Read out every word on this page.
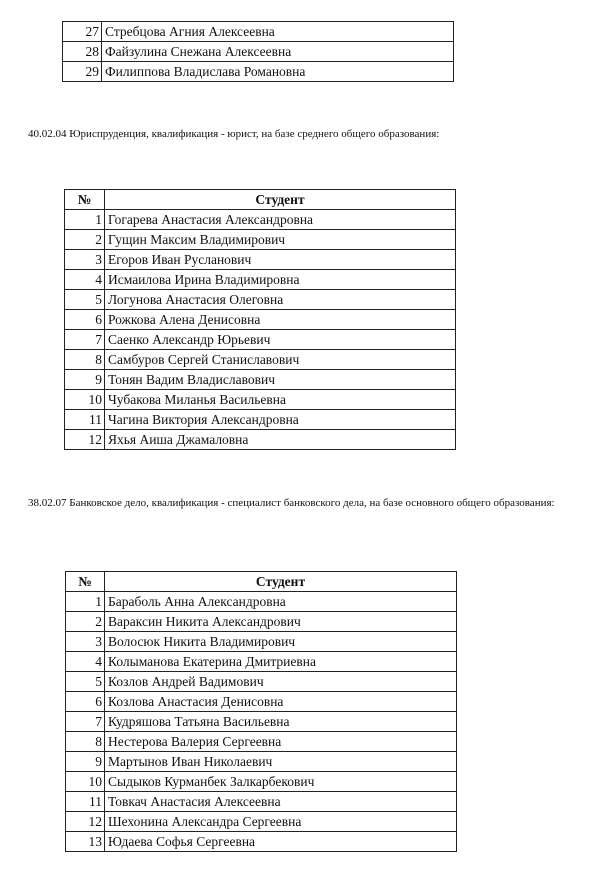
27	Стребцова Агния Алексеевна
28	Файзулина Снежана Алексеевна
29	Филиппова Владислава Романовна
40.02.04 Юриспруденция, квалификация - юрист, на базе среднего общего образования:
№	Студент
1	Гогарева Анастасия Александровна
2	Гущин Максим Владимирович
3	Егоров Иван Русланович
4	Исмаилова Ирина Владимировна
5	Логунова Анастасия Олеговна
6	Рожкова Алена Денисовна
7	Саенко Александр Юрьевич
8	Самбуров Сергей Станиславович
9	Тонян Вадим Владиславович
10	Чубакова Миланья Васильевна
11	Чагина Виктория Александровна
12	Яхья Аиша Джамаловна
38.02.07 Банковское дело, квалификация - специалист банковского дела, на базе основного общего образования:
№	Студент
1	Бараболь Анна Александровна
2	Вараксин Никита Александрович
3	Волосюк Никита Владимирович
4	Колыманова Екатерина Дмитриевна
5	Козлов Андрей Вадимович
6	Козлова Анастасия Денисовна
7	Кудряшова Татьяна Васильевна
8	Нестерова Валерия Сергеевна
9	Мартынов Иван Николаевич
10	Сыдыков Курманбек Залкарбекович
11	Товкач Анастасия Алексеевна
12	Шехонина Александра Сергеевна
13	Юдаева Софья Сергеевна
